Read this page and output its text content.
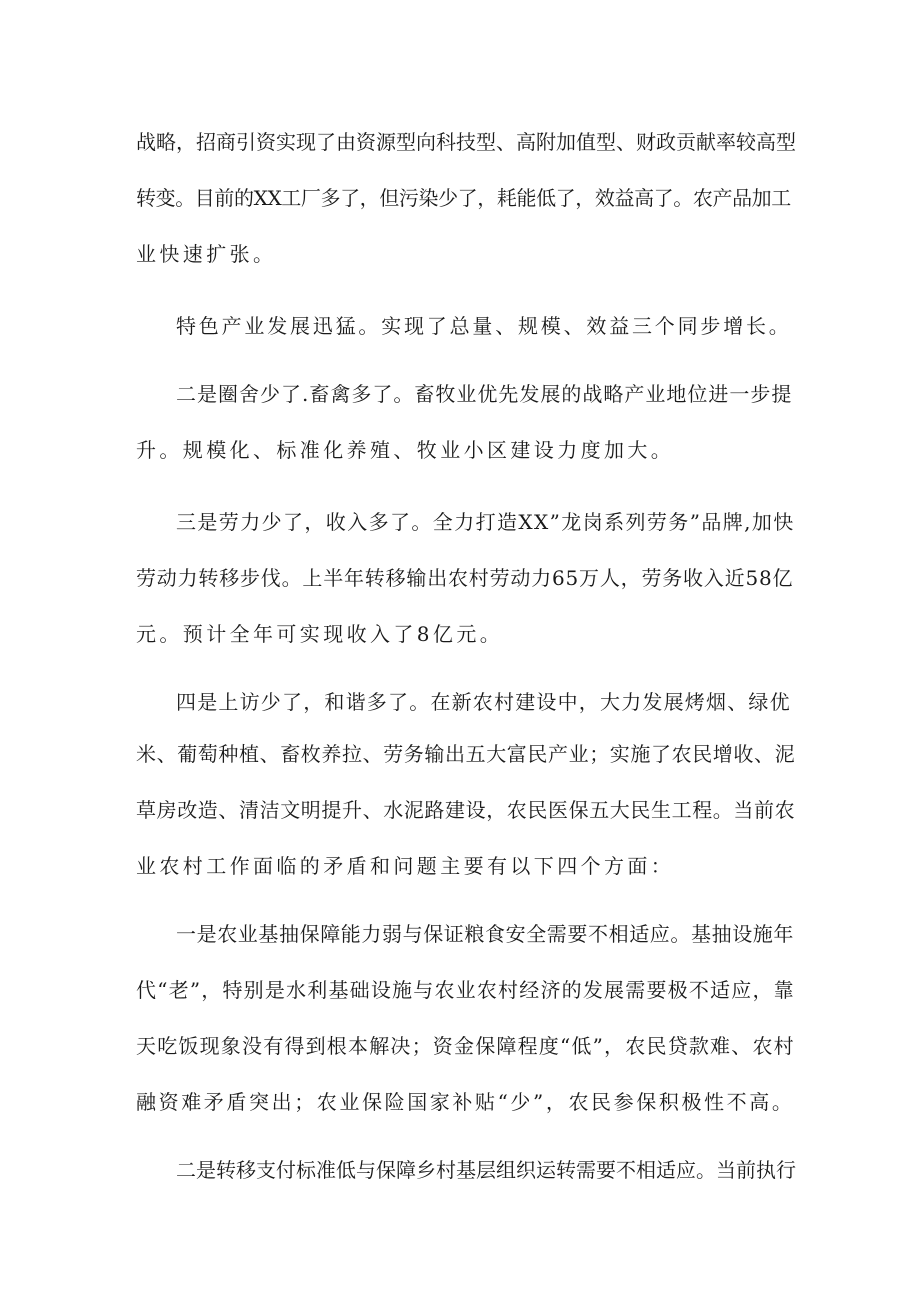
战略，招商引资实现了由资源型向科技型、高附加值型、财政贡献率较高型
转变。目前的XX工厂多了，但污染少了，耗能低了，效益高了。农产品加工
业快速扩张。
特色产业发展迅猛。实现了总量、规模、效益三个同步增长。
二是圈舍少了.畜禽多了。畜牧业优先发展的战略产业地位进一步提
升。规模化、标准化养殖、牧业小区建设力度加大。
三是劳力少了，收入多了。全力打造XX”龙岗系列劳务”品牌,加快
劳动力转移步伐。上半年转移输出农村劳动力65万人，劳务收入近58亿
元。预计全年可实现收入了8亿元。
四是上访少了，和谐多了。在新农村建设中，大力发展烤烟、绿优
米、葡萄种植、畜枚养拉、劳务输出五大富民产业；实施了农民增收、泥
草房改造、清洁文明提升、水泥路建设，农民医保五大民生工程。当前农
业农村工作面临的矛盾和问题主要有以下四个方面：
一是农业基抽保障能力弱与保证粮食安全需要不相适应。基抽设施年
代“老”，特别是水利基础设施与农业农村经济的发展需要极不适应，靠
天吃饭现象没有得到根本解决；资金保障程度“低”，农民贷款难、农村
融资难矛盾突出；农业保险国家补贴“少”，农民参保积极性不高。
二是转移支付标准低与保障乡村基层组织运转需要不相适应。当前执行
